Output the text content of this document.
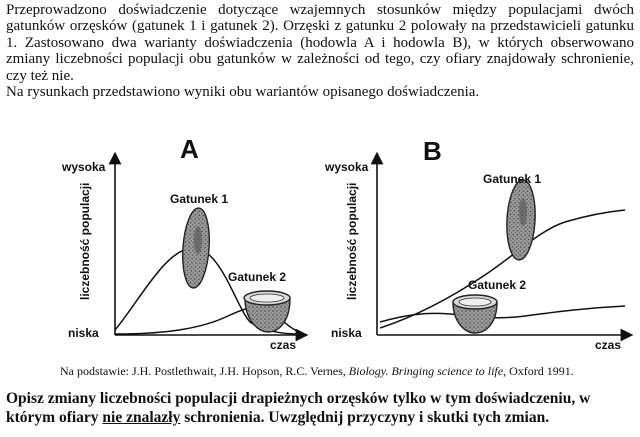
Przeprowadzono doświadczenie dotyczące wzajemnych stosunków między populacjami dwóch gatunków orzęsków (gatunek 1 i gatunek 2). Orzęski z gatunku 2 polowały na przedstawicieli gatunku 1. Zastosowano dwa warianty doświadczenia (hodowla A i hodowla B), w których obserwowano zmiany liczebności populacji obu gatunków w zależności od tego, czy ofiary znajdowały schronienie, czy też nie.

Na rysunkach przedstawiono wyniki obu wariantów opisanego doświadczenia.

A
wysoka
niska
liczebność populacji
czas
Gatunek 1
Gatunek 2
B
wysoka
niska
liczebność populacji
czas
Gatunek 1
Gatunek 2
Na podstawie: J.H. Postlethwait, J.H. Hopson, R.C. Vernes, Biology. Bringing science to life, Oxford 1991.
Opisz zmiany liczebności populacji drapieżnych orzęsków tylko w tym doświadczeniu, w którym ofiary nie znalazły schronienia. Uwzględnij przyczyny i skutki tych zmian.
